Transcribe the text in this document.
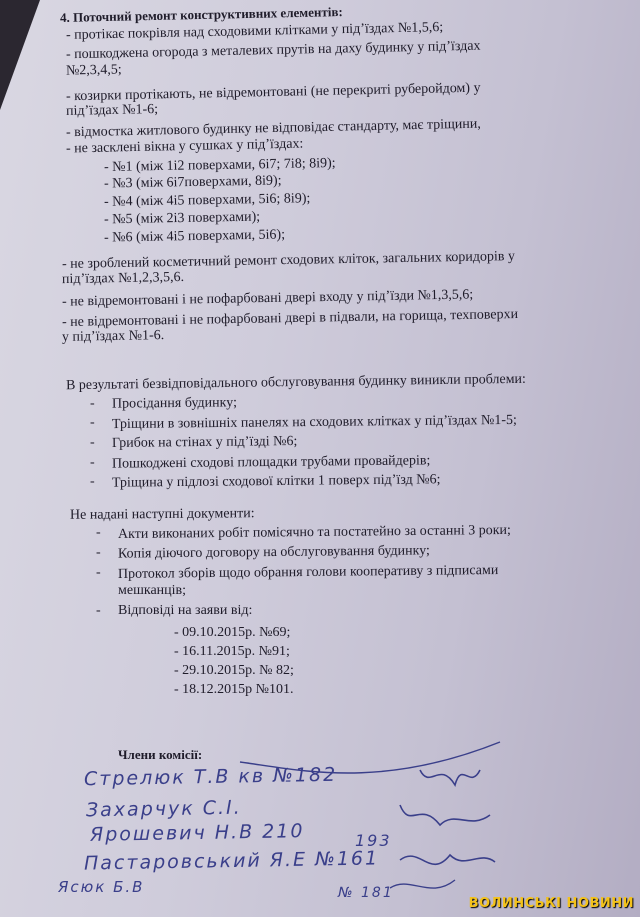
4. Поточний ремонт конструктивних елементів:
- протікає покрівля над сходовими клітками у під’їздах №1,5,6;
- пошкоджена огорода з металевих прутів на даху будинку у під’їздах
№2,3,4,5;
- козирки протікають, не відремонтовані (не перекриті руберойдом) у
під’їздах №1-6;
- відмостка житлового будинку не відповідає стандарту, має тріщини,
- не засклені вікна у сушках у під’їздах:
- №1 (між 1і2 поверхами, 6і7; 7і8; 8і9);
- №3 (між 6і7поверхами, 8і9);
- №4 (між 4і5 поверхами, 5і6; 8і9);
- №5 (між 2і3 поверхами);
- №6 (між 4і5 поверхами, 5і6);
- не зроблений косметичний ремонт сходових кліток, загальних коридорів у
під’їздах №1,2,3,5,6.
- не відремонтовані і не пофарбовані двері входу у під’їзди №1,3,5,6;
- не відремонтовані і не пофарбовані двері в підвали, на горища, техповерхи
у під’їздах №1-6.
В результаті безвідповідального обслуговування будинку виникли проблеми:
- Просідання будинку;
- Тріщини в зовнішніх панелях на сходових клітках у під’їздах №1-5;
- Грибок на стінах у під’їзді №6;
- Пошкоджені сходові площадки трубами провайдерів;
- Тріщина у підлозі сходової клітки 1 поверх під’їзд №6;
Не надані наступні документи:
- Акти виконаних робіт помісячно та постатейно за останні 3 роки;
- Копія діючого договору на обслуговування будинку;
- Протокол зборів щодо обрання голови кооперативу з підписами
мешканців;
- Відповіді на заяви від:
- 09.10.2015р. №69;
- 16.11.2015р. №91;
- 29.10.2015р. № 82;
- 18.12.2015р №101.
Члени комісії:
Стрелюк Т.В кв №182
Захарчук С.І.
Ярошевич Н.В 210
Пастаровський Я.Е №161
Ясюк Б.В
193
№ 181
ВОЛИНСЬКІ НОВИНИ
